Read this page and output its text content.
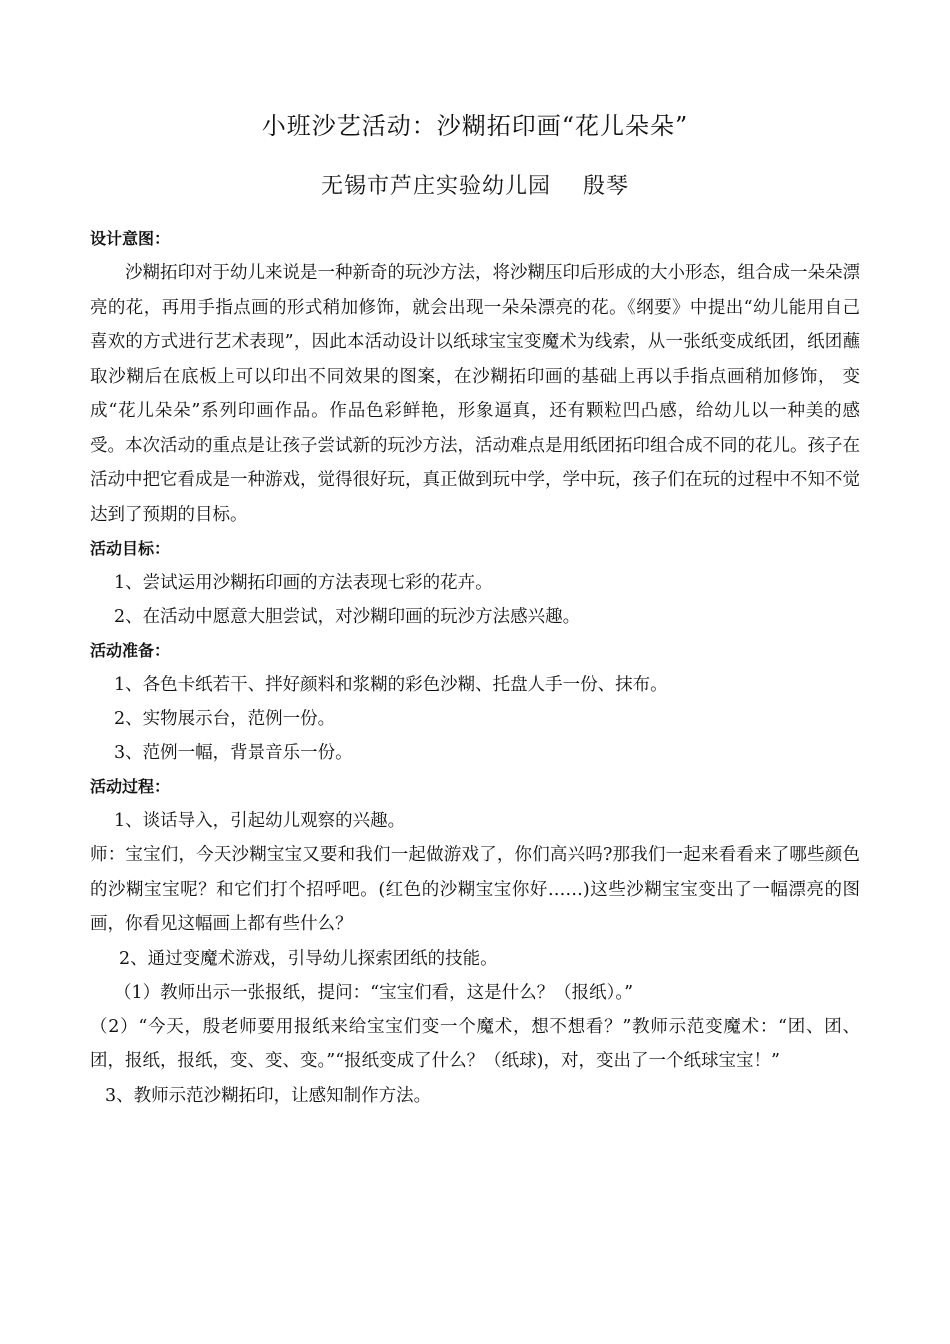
小班沙艺活动：沙糊拓印画“花儿朵朵”
无锡市芦庄实验幼儿园    殷琴
设计意图：

沙糊拓印对于幼儿来说是一种新奇的玩沙方法，将沙糊压印后形成的大小形态，组合成一朵朵漂亮的花，再用手指点画的形式稍加修饰，就会出现一朵朵漂亮的花。《纲要》中提出“幼儿能用自己喜欢的方式进行艺术表现”，因此本活动设计以纸球宝宝变魔术为线索，从一张纸变成纸团，纸团蘸取沙糊后在底板上可以印出不同效果的图案，在沙糊拓印画的基础上再以手指点画稍加修饰， 变成“花儿朵朵”系列印画作品。作品色彩鲜艳，形象逼真，还有颗粒凹凸感，给幼儿以一种美的感受。本次活动的重点是让孩子尝试新的玩沙方法，活动难点是用纸团拓印组合成不同的花儿。孩子在活动中把它看成是一种游戏，觉得很好玩，真正做到玩中学，学中玩，孩子们在玩的过程中不知不觉达到了预期的目标。

活动目标：

1、尝试运用沙糊拓印画的方法表现七彩的花卉。

2、在活动中愿意大胆尝试，对沙糊印画的玩沙方法感兴趣。

活动准备：

1、各色卡纸若干、拌好颜料和浆糊的彩色沙糊、托盘人手一份、抹布。

2、实物展示台，范例一份。

3、范例一幅，背景音乐一份。

活动过程：

1、谈话导入，引起幼儿观察的兴趣。

师：宝宝们，今天沙糊宝宝又要和我们一起做游戏了，你们高兴吗?那我们一起来看看来了哪些颜色的沙糊宝宝呢？和它们打个招呼吧。(红色的沙糊宝宝你好……)这些沙糊宝宝变出了一幅漂亮的图画，你看见这幅画上都有些什么？

2、通过变魔术游戏，引导幼儿探索团纸的技能。

（1）教师出示一张报纸，提问：“宝宝们看，这是什么？（报纸）。”

（2）“今天，殷老师要用报纸来给宝宝们变一个魔术，想不想看？”教师示范变魔术：“团、团、团，报纸，报纸，变、变、变。”“报纸变成了什么？（纸球)，对，变出了一个纸球宝宝！”

3、教师示范沙糊拓印，让感知制作方法。
